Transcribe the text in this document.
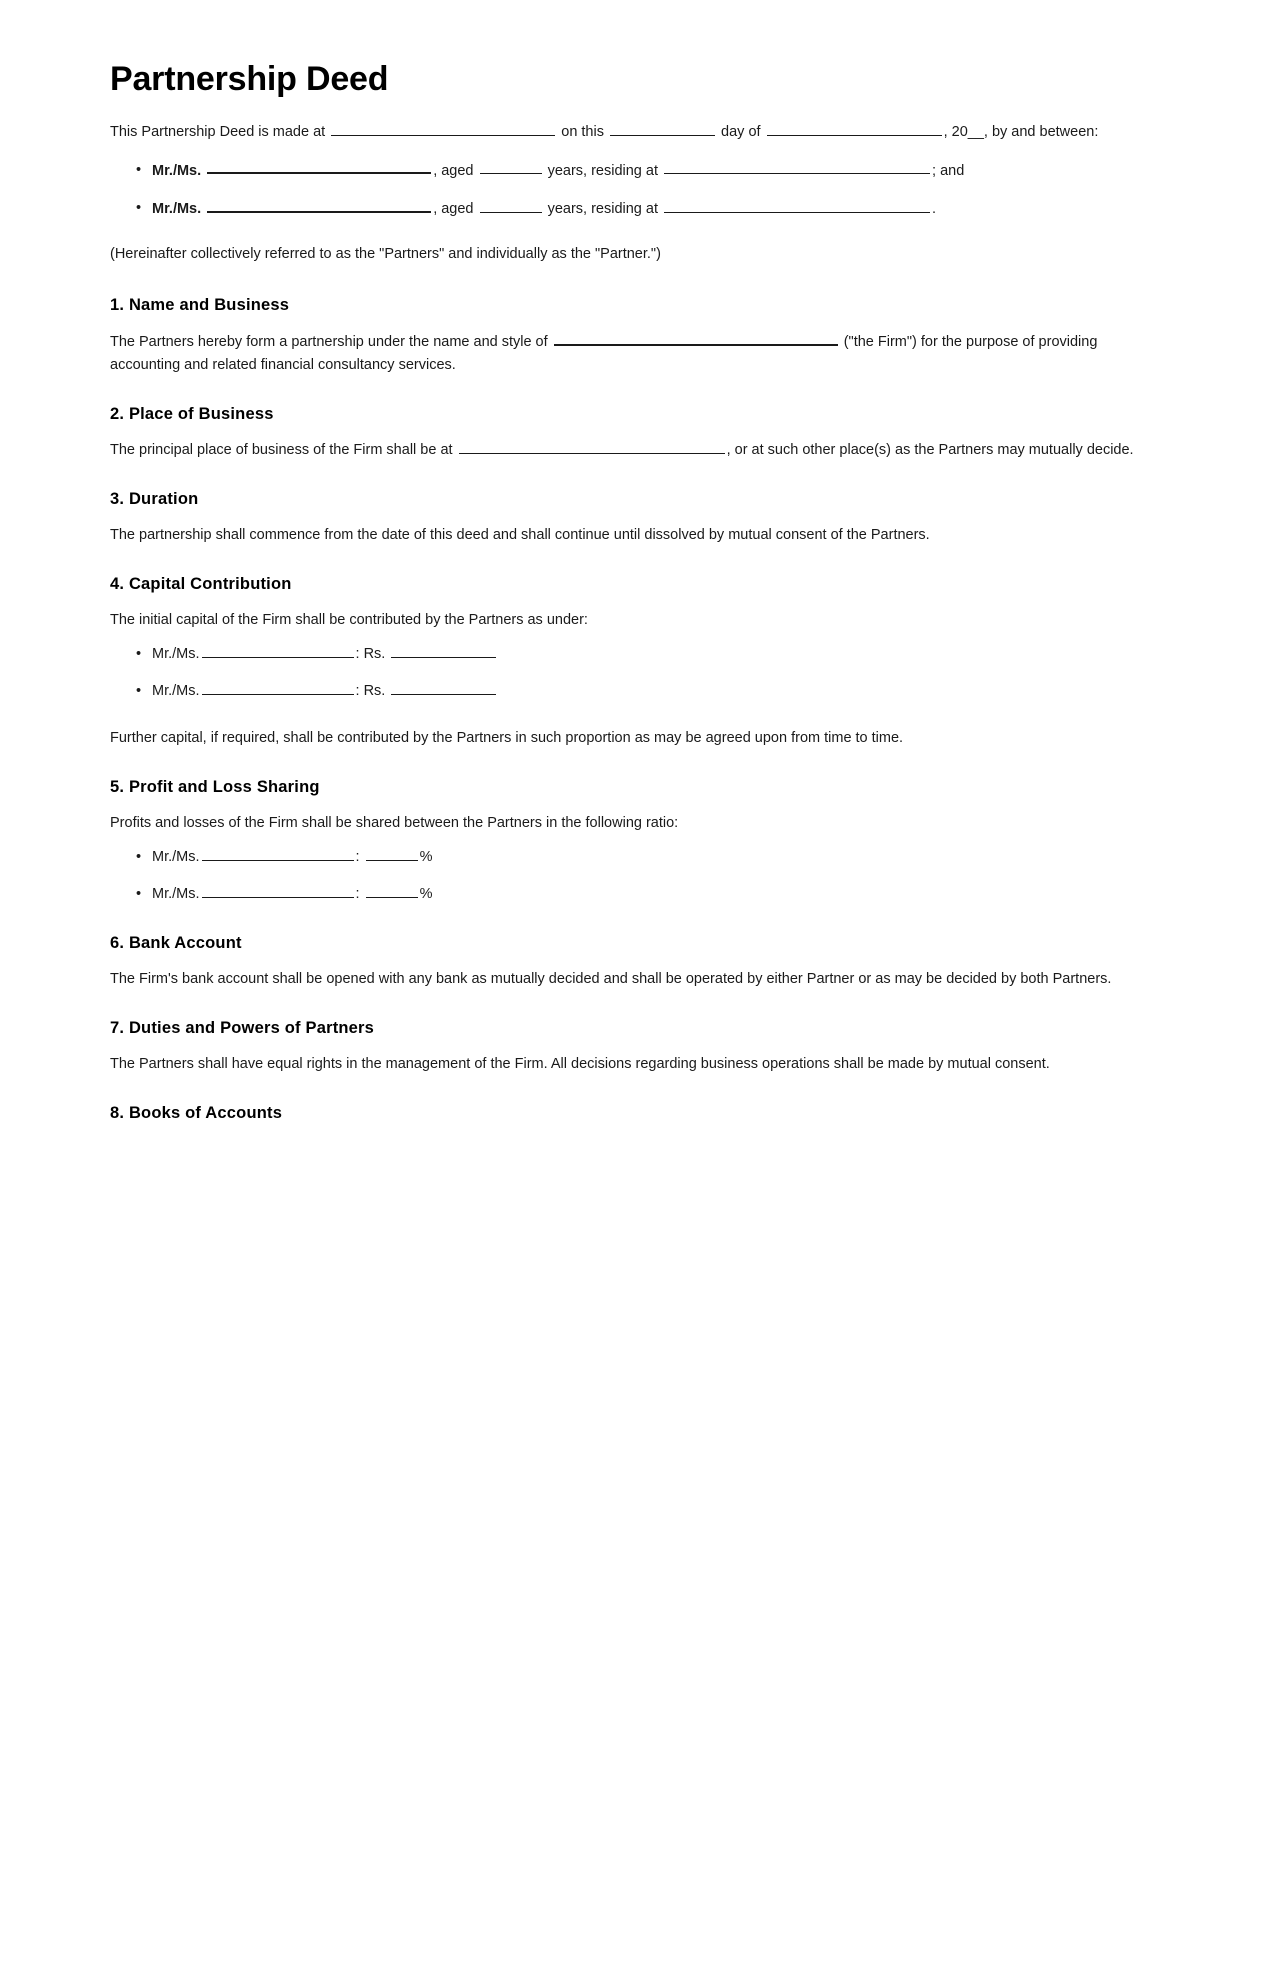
Partnership Deed

This Partnership Deed is made at	on this	day of	, 20__, by and between:

• Mr./Ms.	, aged	years, residing at	; and
• Mr./Ms.	, aged	years, residing at	.

(Hereinafter collectively referred to as the "Partners" and individually as the "Partner.")

1. Name and Business

The Partners hereby form a partnership under the name and style of	("the Firm") for the purpose of providing accounting and related financial consultancy services.

2. Place of Business

The principal place of business of the Firm shall be at	, or at such other place(s) as the Partners may mutually decide.

3. Duration

The partnership shall commence from the date of this deed and shall continue until dissolved by mutual consent of the Partners.

4. Capital Contribution

The initial capital of the Firm shall be contributed by the Partners as under:

• Mr./Ms.	: Rs.
• Mr./Ms.	: Rs.

Further capital, if required, shall be contributed by the Partners in such proportion as may be agreed upon from time to time.

5. Profit and Loss Sharing

Profits and losses of the Firm shall be shared between the Partners in the following ratio:

• Mr./Ms.	:	%
• Mr./Ms.	:	%
6. Bank Account

The Firm's bank account shall be opened with any bank as mutually decided and shall be operated by either Partner or as may be decided by both Partners.

7. Duties and Powers of Partners

The Partners shall have equal rights in the management of the Firm. All decisions regarding business operations shall be made by mutual consent.

8. Books of Accounts
